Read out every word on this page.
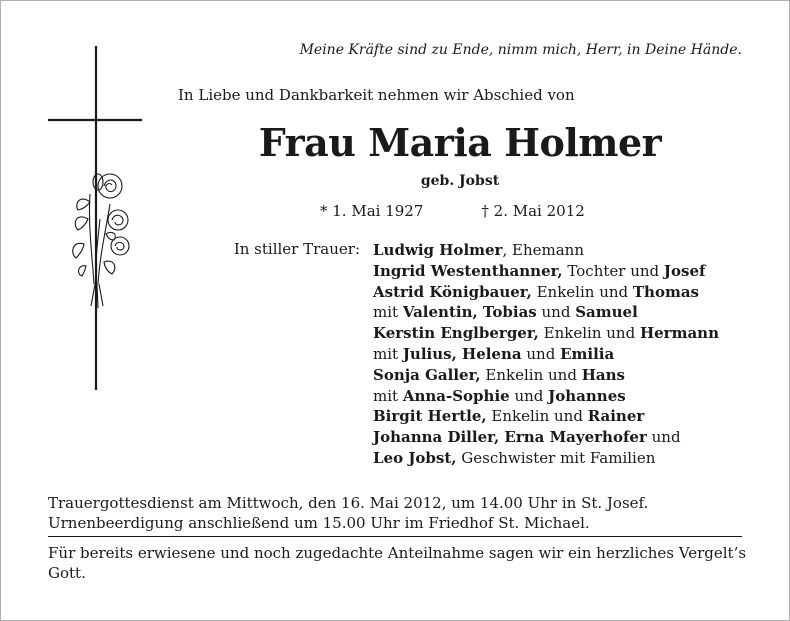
Meine Kräfte sind zu Ende, nimm mich, Herr, in Deine Hände.
In Liebe und Dankbarkeit nehmen wir Abschied von
Frau Maria Holmer
geb. Jobst
* 1. Mai 1927	† 2. Mai 2012
In stiller Trauer: Ludwig Holmer, Ehemann
Ingrid Westenthanner, Tochter und Josef
Astrid Königbauer, Enkelin und Thomas
mit Valentin, Tobias und Samuel
Kerstin Englberger, Enkelin und Hermann
mit Julius, Helena und Emilia
Sonja Galler, Enkelin und Hans
mit Anna-Sophie und Johannes
Birgit Hertle, Enkelin und Rainer
Johanna Diller, Erna Mayerhofer und
Leo Jobst, Geschwister mit Familien
Trauergottesdienst am Mittwoch, den 16. Mai 2012, um 14.00 Uhr in St. Josef.
Urnenbeerdigung anschließend um 15.00 Uhr im Friedhof St. Michael.
Für bereits erwiesene und noch zugedachte Anteilnahme sagen wir ein herzliches Vergelt’s Gott.
